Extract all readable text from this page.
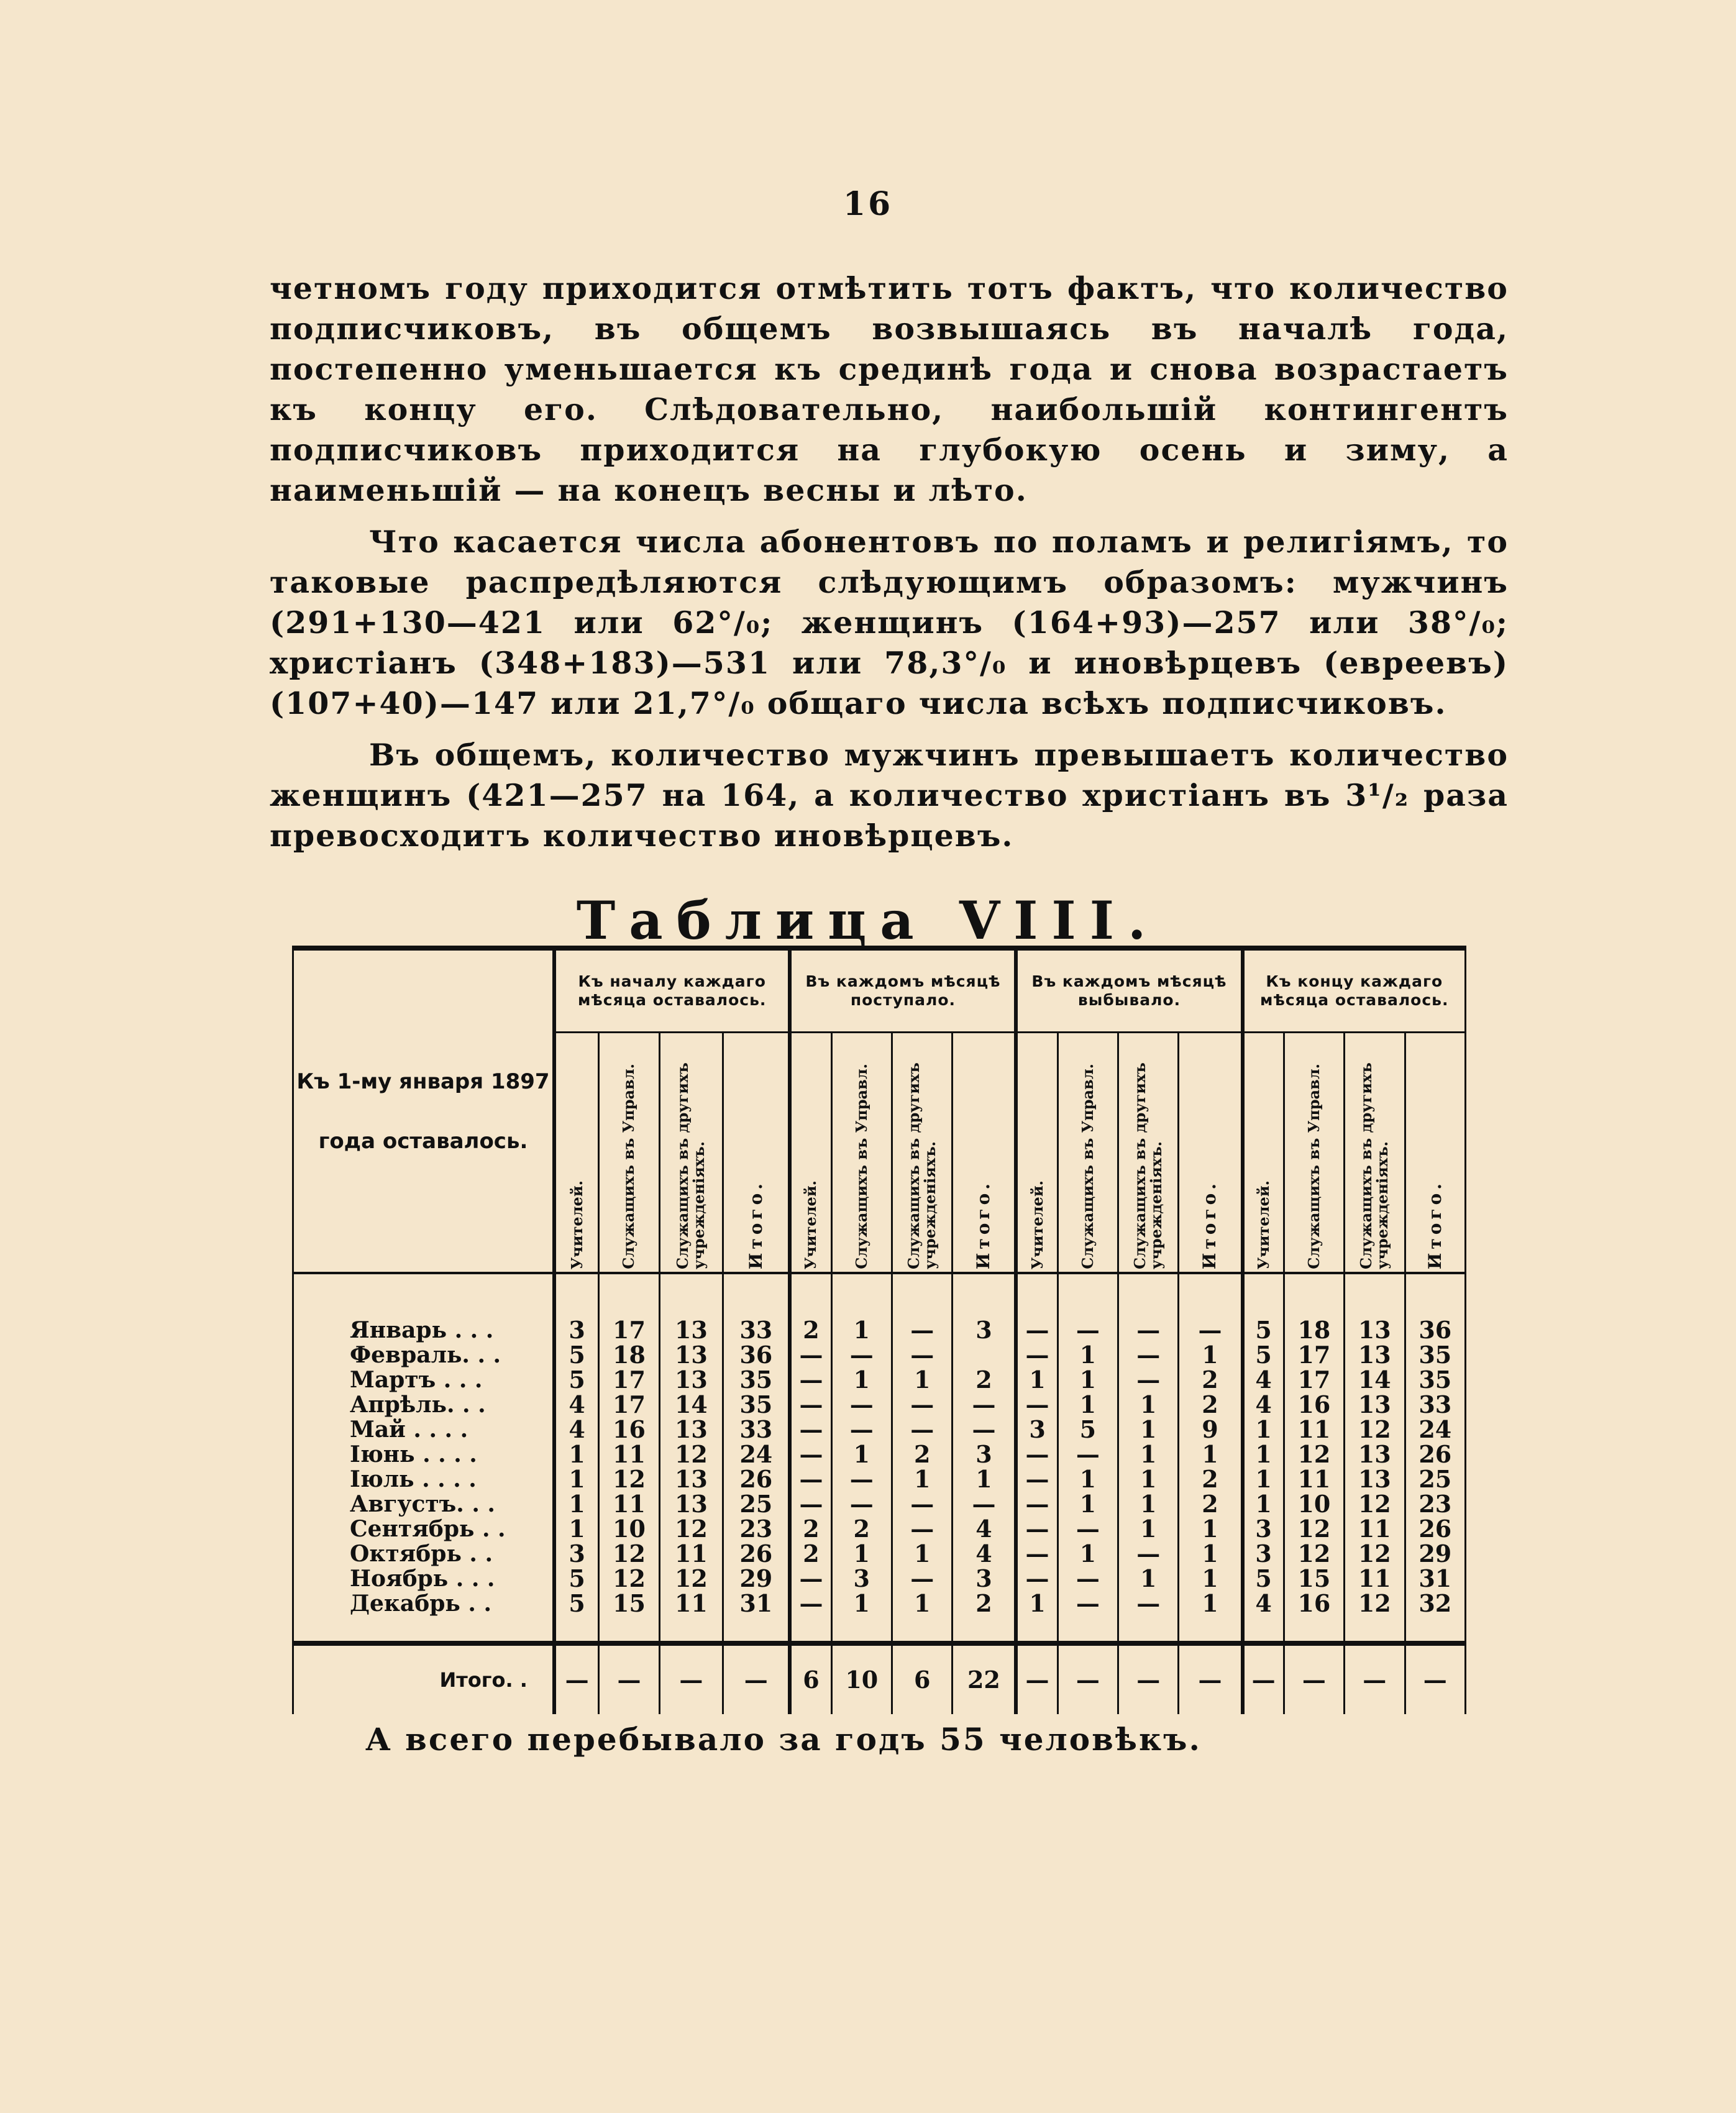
16

четномъ году приходится отмѣтить тотъ фактъ, что количество подписчиковъ, въ общемъ возвышаясь въ началѣ года, постепенно уменьшается къ срединѣ года и снова возрастаетъ къ концу его. Слѣдовательно, наибольшій контингентъ подписчиковъ приходится на глубокую осень и зиму, а наименьшій — на конецъ весны и лѣто.

Что касается числа абонентовъ по поламъ и религіямъ, то таковые распредѣляются слѣдующимъ образомъ: мужчинъ (291+130—421 или 62°/₀; женщинъ (164+93)—257 или 38°/₀; христіанъ (348+183)—531 или 78,3°/₀ и иновѣрцевъ (евреевъ) (107+40)—147 или 21,7°/₀ общаго числа всѣхъ подписчиковъ.

Въ общемъ, количество мужчинъ превышаетъ количество женщинъ (421—257 на 164, а количество христіанъ въ 3¹/₂ раза превосходитъ количество иновѣрцевъ.

Таблица VIII.
Къ 1-му января 1897 года оставалось.	Къ началу каждаго мѣсяца оставалось.				Въ каждомъ мѣсяцѣ поступало.				Въ каждомъ мѣсяцѣ выбывало.				Къ концу каждаго мѣсяца оставалось.			
	Учителей.	Служащихъ въ Управл.	Служащихъ въ другихъ учрежденіяхъ.	Итого.	Учителей.	Служащихъ въ Управл.	Служащихъ въ другихъ учрежденіяхъ.	Итого.	Учителей.	Служащихъ въ Управл.	Служащихъ въ другихъ учрежденіяхъ.	Итого.	Учителей.	Служащихъ въ Управл.	Служащихъ въ другихъ учрежденіяхъ.	Итого.

Январь . . .	3	17	13	33	2	1	—	3	—	—	—	—	5	18	13	36
Февраль. . .	5	18	13	36	—	—	—		—	1	—	1	5	17	13	35
Мартъ . . .	5	17	13	35	—	1	1	2	1	1	—	2	4	17	14	35
Апрѣль. . .	4	17	14	35	—	—	—	—	—	1	1	2	4	16	13	33
Май . . . .	4	16	13	33	—	—	—	—	3	5	1	9	1	11	12	24
Іюнь . . . .	1	11	12	24	—	1	2	3	—	—	1	1	1	12	13	26
Іюль . . . .	1	12	13	26	—	—	1	1	—	1	1	2	1	11	13	25
Августъ. . .	1	11	13	25	—	—	—	—	—	1	1	2	1	10	12	23
Сентябрь . .	1	10	12	23	2	2	—	4	—	—	1	1	3	12	11	26
Октябрь . .	3	12	11	26	2	1	1	4	—	1	—	1	3	12	12	29
Ноябрь . . .	5	12	12	29	—	3	—	3	—	—	1	1	5	15	11	31
Декабрь . .	5	15	11	31	—	1	1	2	1	—	—	1	4	16	12	32

Итого. .	—	—	—	—	6	10	6	22	—	—	—	—	—	—	—	—
А всего перебывало за годъ 55 человѣкъ.
